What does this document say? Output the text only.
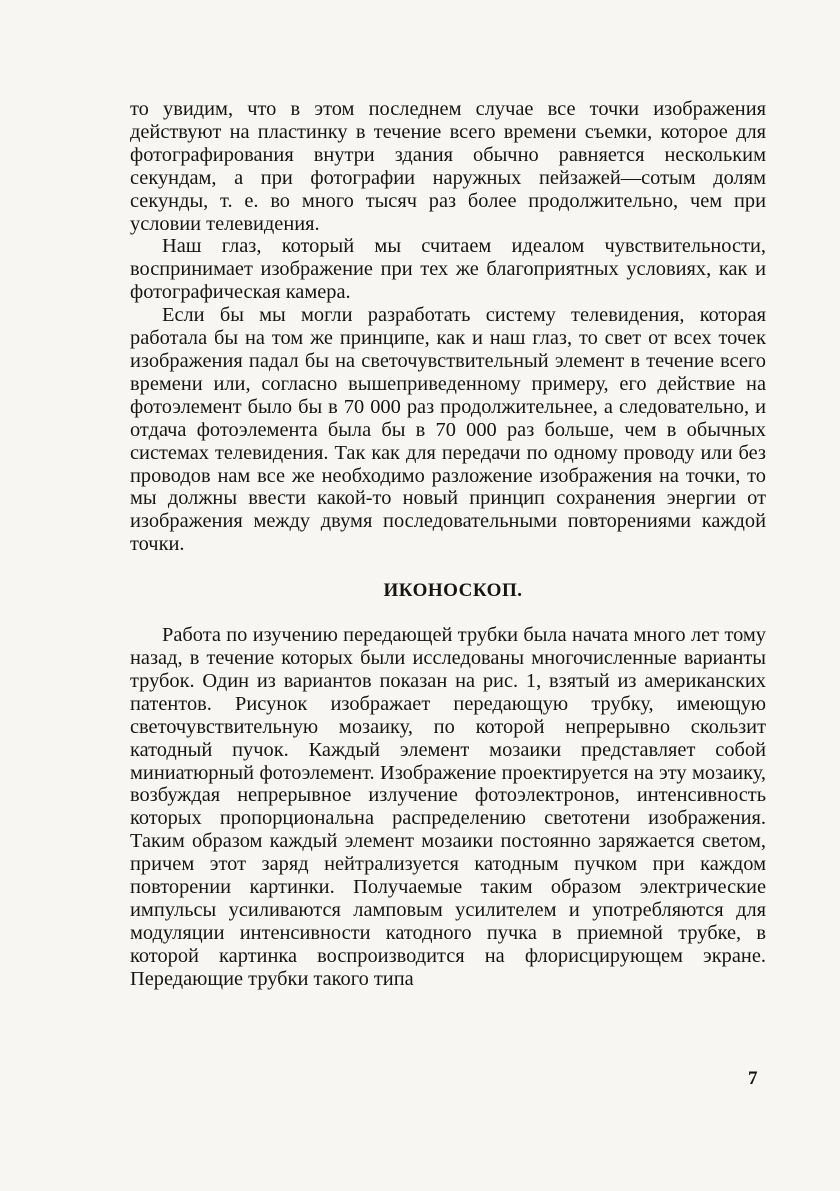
то увидим, что в этом последнем случае все точки изображения действуют на пластинку в течение всего времени съемки, которое для фотографирования внутри здания обычно равняется нескольким секундам, а при фотографии наружных пейзажей—сотым долям секунды, т. е. во много тысяч раз более продолжительно, чем при условии телевидения.

Наш глаз, который мы считаем идеалом чувствительности, воспринимает изображение при тех же благоприятных условиях, как и фотографическая камера.

Если бы мы могли разработать систему телевидения, которая работала бы на том же принципе, как и наш глаз, то свет от всех точек изображения падал бы на светочувствительный элемент в течение всего времени или, согласно вышеприведенному примеру, его действие на фотоэлемент было бы в 70 000 раз продолжительнее, а следовательно, и отдача фотоэлемента была бы в 70 000 раз больше, чем в обычных системах телевидения. Так как для передачи по одному проводу или без проводов нам все же необходимо разложение изображения на точки, то мы должны ввести какой-то новый принцип сохранения энергии от изображения между двумя последовательными повторениями каждой точки.

ИКОНОСКОП.

Работа по изучению передающей трубки была начата много лет тому назад, в течение которых были исследованы многочисленные варианты трубок. Один из вариантов показан на рис. 1, взятый из американских патентов. Рисунок изображает передающую трубку, имеющую светочувствительную мозаику, по которой непрерывно скользит катодный пучок. Каждый элемент мозаики представляет собой миниатюрный фотоэлемент. Изображение проектируется на эту мозаику, возбуждая непрерывное излучение фотоэлектронов, интенсивность которых пропорциональна распределению светотени изображения. Таким образом каждый элемент мозаики постоянно заряжается светом, причем этот заряд нейтрализуется катодным пучком при каждом повторении картинки. Получаемые таким образом электрические импульсы усиливаются ламповым усилителем и употребляются для модуляции интенсивности катодного пучка в приемной трубке, в которой картинка воспроизводится на флорисцирующем экране. Передающие трубки такого типа

7
